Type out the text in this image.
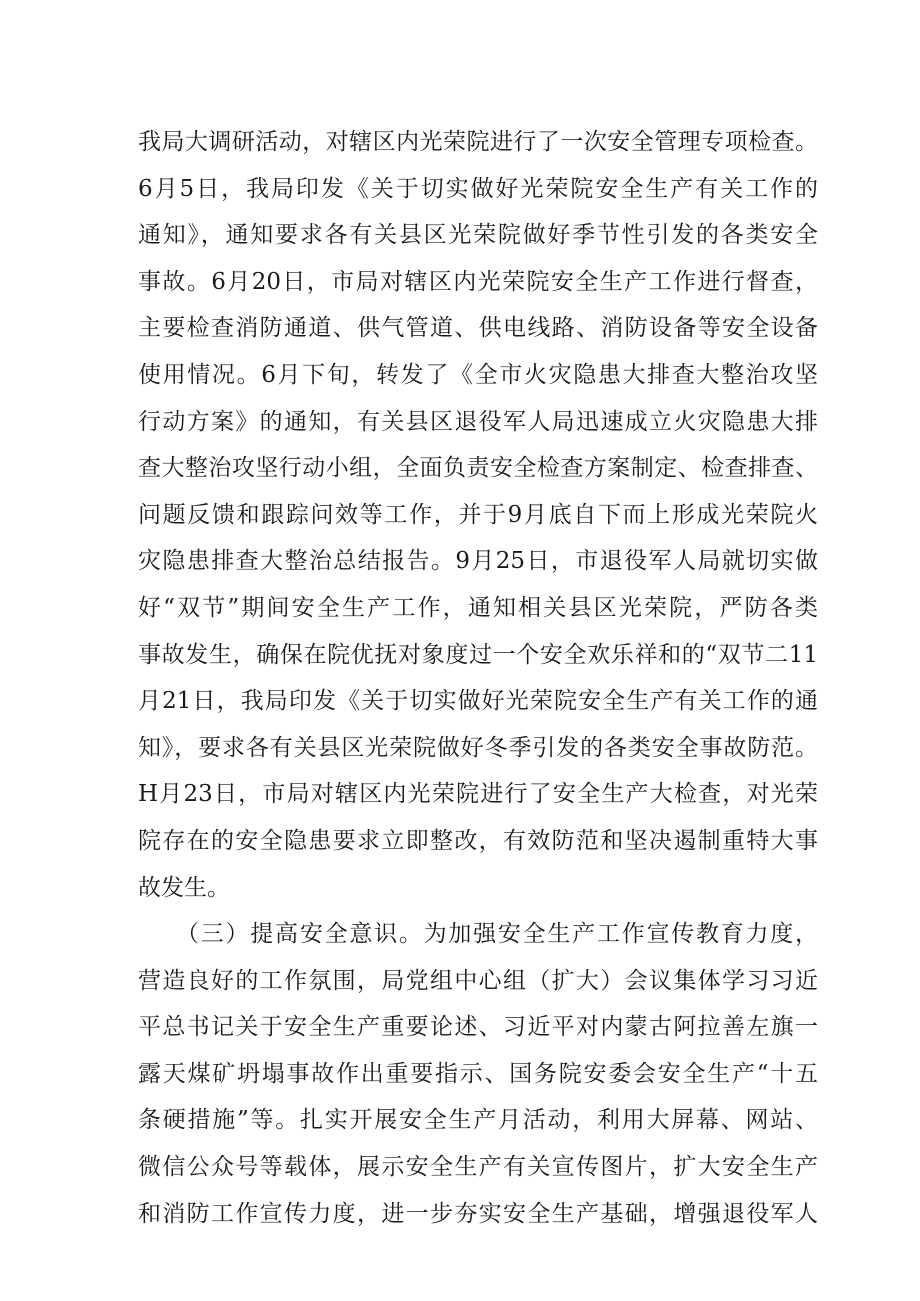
我局大调研活动，对辖区内光荣院进行了一次安全管理专项检查。
6月5日，我局印发《关于切实做好光荣院安全生产有关工作的
通知》，通知要求各有关县区光荣院做好季节性引发的各类安全
事故。6月20日，市局对辖区内光荣院安全生产工作进行督查，
主要检查消防通道、供气管道、供电线路、消防设备等安全设备
使用情况。6月下旬，转发了《全市火灾隐患大排查大整治攻坚
行动方案》的通知，有关县区退役军人局迅速成立火灾隐患大排
查大整治攻坚行动小组，全面负责安全检查方案制定、检查排查、
问题反馈和跟踪问效等工作，并于9月底自下而上形成光荣院火
灾隐患排查大整治总结报告。9月25日，市退役军人局就切实做
好“双节”期间安全生产工作，通知相关县区光荣院，严防各类
事故发生，确保在院优抚对象度过一个安全欢乐祥和的“双节二11
月21日，我局印发《关于切实做好光荣院安全生产有关工作的通
知》，要求各有关县区光荣院做好冬季引发的各类安全事故防范。
H月23日，市局对辖区内光荣院进行了安全生产大检查，对光荣
院存在的安全隐患要求立即整改，有效防范和坚决遏制重特大事
故发生。
　　（三）提高安全意识。为加强安全生产工作宣传教育力度，
营造良好的工作氛围，局党组中心组（扩大）会议集体学习习近
平总书记关于安全生产重要论述、习近平对内蒙古阿拉善左旗一
露天煤矿坍塌事故作出重要指示、国务院安委会安全生产“十五
条硬措施”等。扎实开展安全生产月活动，利用大屏幕、网站、
微信公众号等载体，展示安全生产有关宣传图片，扩大安全生产
和消防工作宣传力度，进一步夯实安全生产基础，增强退役军人
